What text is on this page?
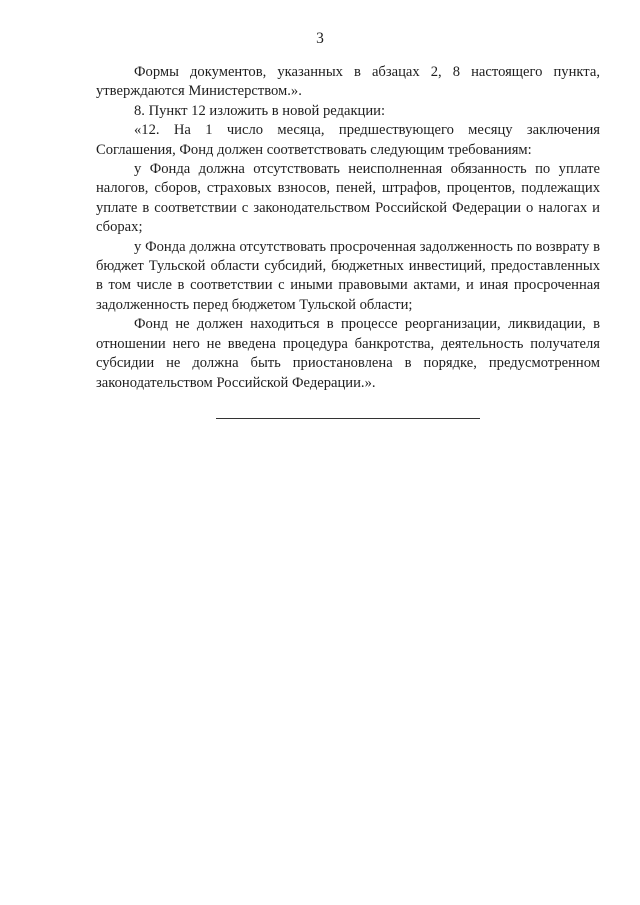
3

Формы документов, указанных в абзацах 2, 8 настоящего пункта, утверждаются Министерством.».

8. Пункт 12 изложить в новой редакции:

«12. На 1 число месяца, предшествующего месяцу заключения Соглашения, Фонд должен соответствовать следующим требованиям:

у Фонда должна отсутствовать неисполненная обязанность по уплате налогов, сборов, страховых взносов, пеней, штрафов, процентов, подлежащих уплате в соответствии с законодательством Российской Федерации о налогах и сборах;

у Фонда должна отсутствовать просроченная задолженность по возврату в бюджет Тульской области субсидий, бюджетных инвестиций, предоставленных в том числе в соответствии с иными правовыми актами, и иная просроченная задолженность перед бюджетом Тульской области;

Фонд не должен находиться в процессе реорганизации, ликвидации, в отношении него не введена процедура банкротства, деятельность получателя субсидии не должна быть приостановлена в порядке, предусмотренном законодательством Российской Федерации.».
